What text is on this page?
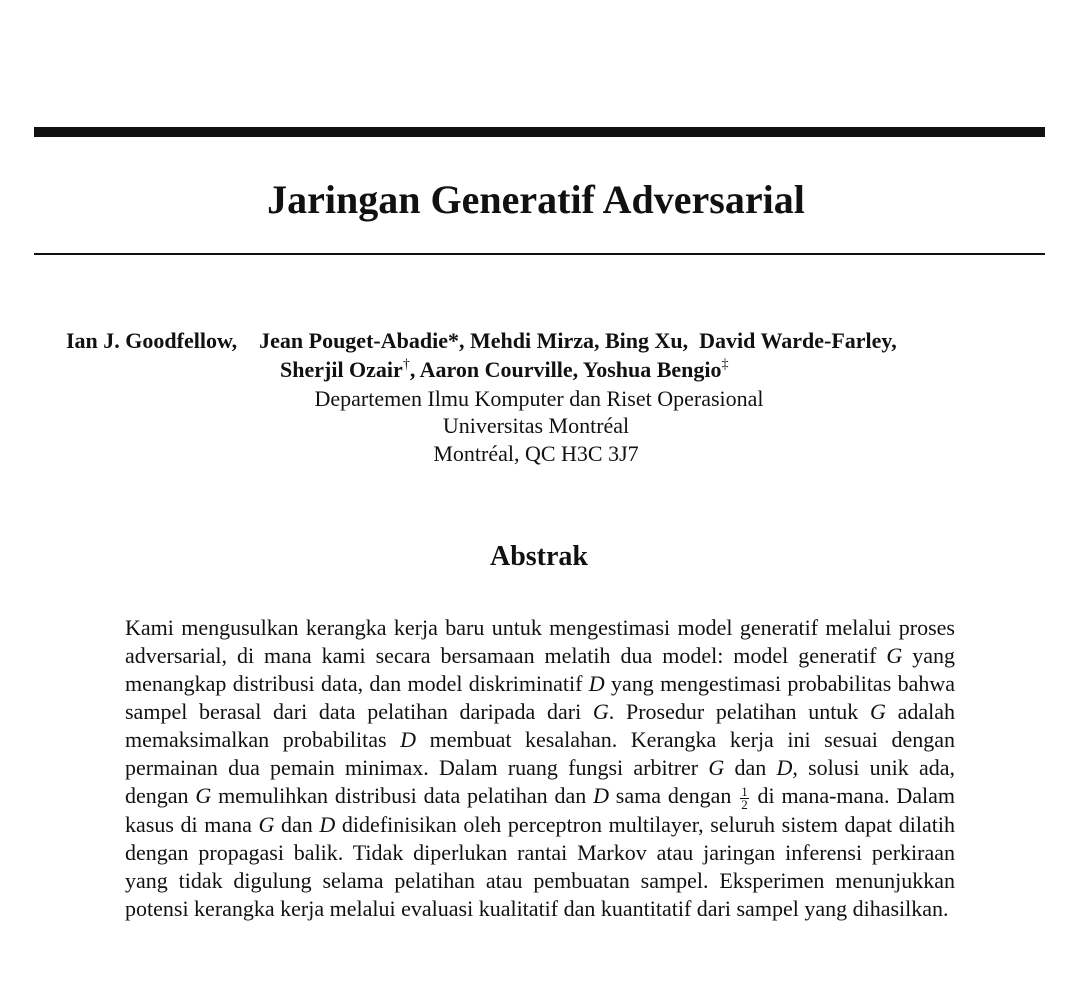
Jaringan Generatif Adversarial
Ian J. Goodfellow, Jean Pouget-Abadie*, Mehdi Mirza, Bing Xu, David Warde-Farley,
Sherjil Ozair†, Aaron Courville, Yoshua Bengio‡
Departemen Ilmu Komputer dan Riset Operasional
Universitas Montréal
Montréal, QC H3C 3J7
Abstrak

Kami mengusulkan kerangka kerja baru untuk mengestimasi model generatif melalui proses adversarial, di mana kami secara bersamaan melatih dua model: model generatif G yang menangkap distribusi data, dan model diskriminatif D yang mengestimasi probabilitas bahwa sampel berasal dari data pelatihan daripada dari G. Prosedur pelatihan untuk G adalah memaksimalkan probabilitas D membuat kesalahan. Kerangka kerja ini sesuai dengan permainan dua pemain minimax. Dalam ruang fungsi arbitrer G dan D, solusi unik ada, dengan G memulihkan distribusi data pelatihan dan D sama dengan $\frac{1}{2}$ di mana-mana. Dalam kasus di mana G dan D didefinisikan oleh perceptron multilayer, seluruh sistem dapat dilatih dengan propagasi balik. Tidak diperlukan rantai Markov atau jaringan inferensi perkiraan yang tidak digulung selama pelatihan atau pembuatan sampel. Eksperimen menunjukkan potensi kerangka kerja melalui evaluasi kualitatif dan kuantitatif dari sampel yang dihasilkan.
